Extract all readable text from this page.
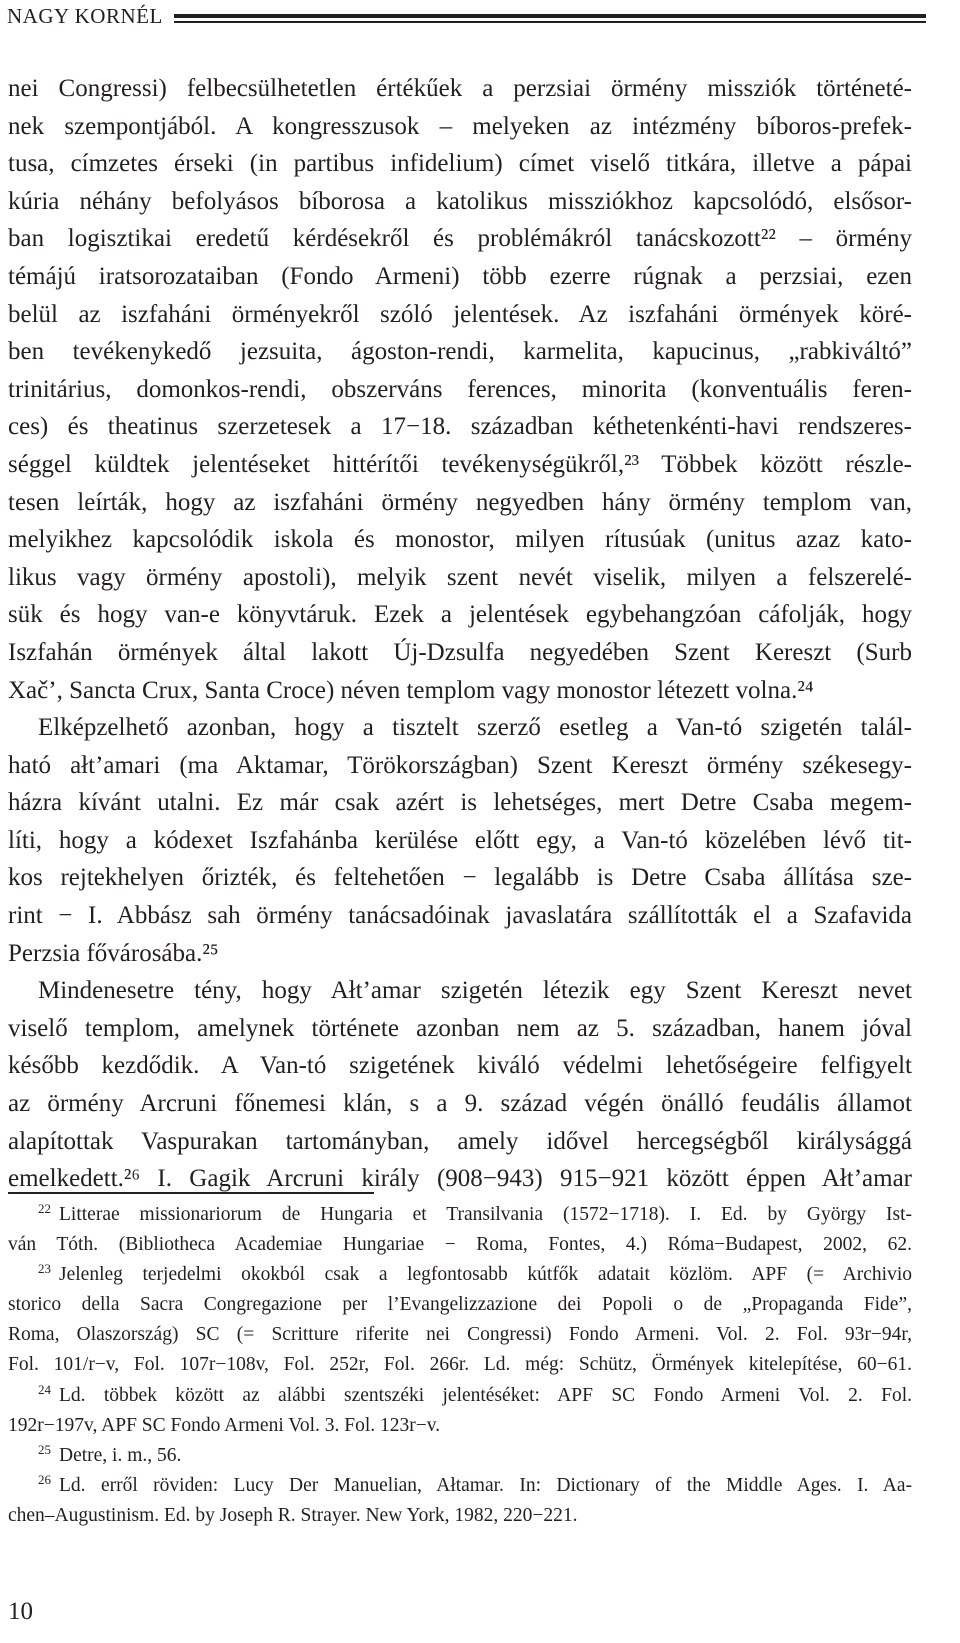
NAGY KORNÉL
nei Congressi) felbecsülhetetlen értékűek a perzsiai örmény missziók történeté-
nek szempontjából. A kongresszusok – melyeken az intézmény bíboros-prefek-
tusa, címzetes érseki (in partibus infidelium) címet viselő titkára, illetve a pápai
kúria néhány befolyásos bíborosa a katolikus missziókhoz kapcsolódó, elsősor-
ban logisztikai eredetű kérdésekről és problémákról tanácskozott²² – örmény
témájú iratsorozataiban (Fondo Armeni) több ezerre rúgnak a perzsiai, ezen
belül az iszfaháni örményekről szóló jelentések. Az iszfaháni örmények köré-
ben tevékenykedő jezsuita, ágoston-rendi, karmelita, kapucinus, „rabkiváltó”
trinitárius, domonkos-rendi, obszerváns ferences, minorita (konventuális feren-
ces) és theatinus szerzetesek a 17−18. században kéthetenkénti-havi rendszeres-
séggel küldtek jelentéseket hittérítői tevékenységükről,²³ Többek között részle-
tesen leírták, hogy az iszfaháni örmény negyedben hány örmény templom van,
melyikhez kapcsolódik iskola és monostor, milyen rítusúak (unitus azaz kato-
likus vagy örmény apostoli), melyik szent nevét viselik, milyen a felszerelé-
sük és hogy van-e könyvtáruk. Ezek a jelentések egybehangzóan cáfolják, hogy
Iszfahán örmények által lakott Új-Dzsulfa negyedében Szent Kereszt (Surb
Xač’, Sancta Crux, Santa Croce) néven templom vagy monostor létezett volna.²⁴
Elképzelhető azonban, hogy a tisztelt szerző esetleg a Van-tó szigetén talál-
ható ałt’amari (ma Aktamar, Törökországban) Szent Kereszt örmény székesegy-
házra kívánt utalni. Ez már csak azért is lehetséges, mert Detre Csaba megem-
líti, hogy a kódexet Iszfahánba kerülése előtt egy, a Van-tó közelében lévő tit-
kos rejtekhelyen őrizték, és feltehetően − legalább is Detre Csaba állítása sze-
rint − I. Abbász sah örmény tanácsadóinak javaslatára szállították el a Szafavida
Perzsia fővárosába.²⁵
Mindenesetre tény, hogy Ałt’amar szigetén létezik egy Szent Kereszt nevet
viselő templom, amelynek története azonban nem az 5. században, hanem jóval
később kezdődik. A Van-tó szigetének kiváló védelmi lehetőségeire felfigyelt
az örmény Arcruni főnemesi klán, s a 9. század végén önálló feudális államot
alapítottak Vaspurakan tartományban, amely idővel hercegségből királysággá
emelkedett.²⁶ I. Gagik Arcruni király (908−943) 915−921 között éppen Ałt’amar
22 Litterae missionariorum de Hungaria et Transilvania (1572−1718). I. Ed. by György Ist-
ván Tóth. (Bibliotheca Academiae Hungariae − Roma, Fontes, 4.) Róma−Budapest, 2002, 62.
23 Jelenleg terjedelmi okokból csak a legfontosabb kútfők adatait közlöm. APF (= Archivio
storico della Sacra Congregazione per l’Evangelizzazione dei Popoli o de „Propaganda Fide”,
Roma, Olaszország) SC (= Scritture riferite nei Congressi) Fondo Armeni. Vol. 2. Fol. 93r−94r,
Fol. 101/r−v, Fol. 107r−108v, Fol. 252r, Fol. 266r. Ld. még: Schütz, Örmények kitelepítése, 60−61.
24 Ld. többek között az alábbi szentszéki jelentéséket: APF SC Fondo Armeni Vol. 2. Fol.
192r−197v, APF SC Fondo Armeni Vol. 3. Fol. 123r−v.
25 Detre, i. m., 56.
26 Ld. erről röviden: Lucy Der Manuelian, Ałtamar. In: Dictionary of the Middle Ages. I. Aa-
chen–Augustinism. Ed. by Joseph R. Strayer. New York, 1982, 220−221.
10
